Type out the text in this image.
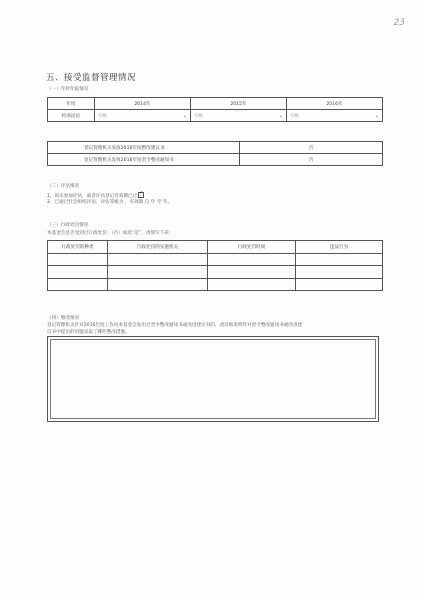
23
五、接受监督管理情况
（一）年检年报情况
年度	2014年	2015年	2016年
检查结论	合格 ⌄	合格 ⌄	合格 ⌄
登记管理机关发放2016年度整改建议书	否
登记管理机关发放2016年度责令整改通知书	否
（二）评估情况
1、尚未参加评估，或者评估登记有效期已过✓
2、已通过社会组织评估，评估等级为 ，有效期 自 年 至 年。
（三）行政处罚情况
本基金会是否受到过行政处罚：（否）如选“是”，请填写下表：
行政处罚的种类	行政处罚的实施机关	行政处罚时间	违法行为

（四）整改情况
登记管理机关针对2016年度工作向本基金会发出过责令整改通知书或改进建议书的，请详细说明针对责令整改通知书或改进建
议书中提出的问题采取了哪些整改措施。
